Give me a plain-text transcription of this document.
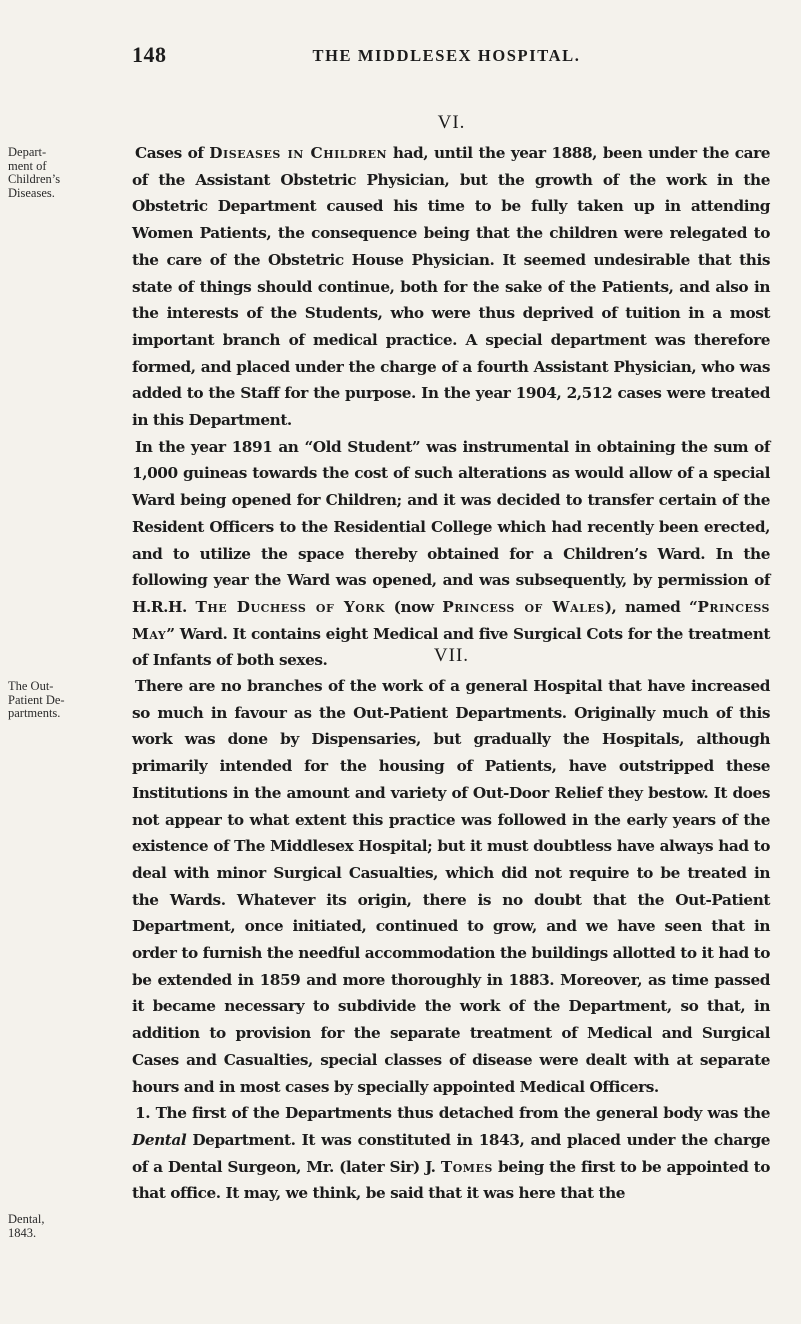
148	THE MIDDLESEX HOSPITAL.
VI.
Depart-
ment of
Children’s
Diseases.

Cases of Diseases in Children had, until the year 1888, been under the care of the Assistant Obstetric Physician, but the growth of the work in the Obstetric Department caused his time to be fully taken up in attending Women Patients, the consequence being that the children were relegated to the care of the Obstetric House Physician. It seemed undesirable that this state of things should continue, both for the sake of the Patients, and also in the interests of the Students, who were thus deprived of tuition in a most important branch of medical practice. A special department was therefore formed, and placed under the charge of a fourth Assistant Physician, who was added to the Staff for the purpose. In the year 1904, 2,512 cases were treated in this Department.

In the year 1891 an “Old Student” was instrumental in obtaining the sum of 1,000 guineas towards the cost of such alterations as would allow of a special Ward being opened for Children; and it was decided to transfer certain of the Resident Officers to the Residential College which had recently been erected, and to utilize the space thereby obtained for a Children’s Ward. In the following year the Ward was opened, and was subsequently, by permission of H.R.H. The Duchess of York (now Princess of Wales), named “Princess May” Ward. It contains eight Medical and five Surgical Cots for the treatment of Infants of both sexes.	VII.
The Out-
Patient De-
partments.
Dental,
1843.

There are no branches of the work of a general Hospital that have increased so much in favour as the Out-Patient Departments. Originally much of this work was done by Dispensaries, but gradually the Hospitals, although primarily intended for the housing of Patients, have outstripped these Institutions in the amount and variety of Out-Door Relief they bestow. It does not appear to what extent this practice was followed in the early years of the existence of The Middlesex Hospital; but it must doubtless have always had to deal with minor Surgical Casualties, which did not require to be treated in the Wards. Whatever its origin, there is no doubt that the Out-Patient Department, once initiated, continued to grow, and we have seen that in order to furnish the needful accommodation the buildings allotted to it had to be extended in 1859 and more thoroughly in 1883. Moreover, as time passed it became necessary to subdivide the work of the Department, so that, in addition to provision for the separate treatment of Medical and Surgical Cases and Casualties, special classes of disease were dealt with at separate hours and in most cases by specially appointed Medical Officers.

1. The first of the Departments thus detached from the general body was the Dental Department. It was constituted in 1843, and placed under the charge of a Dental Surgeon, Mr. (later Sir) J. Tomes being the first to be appointed to that office. It may, we think, be said that it was here that the
